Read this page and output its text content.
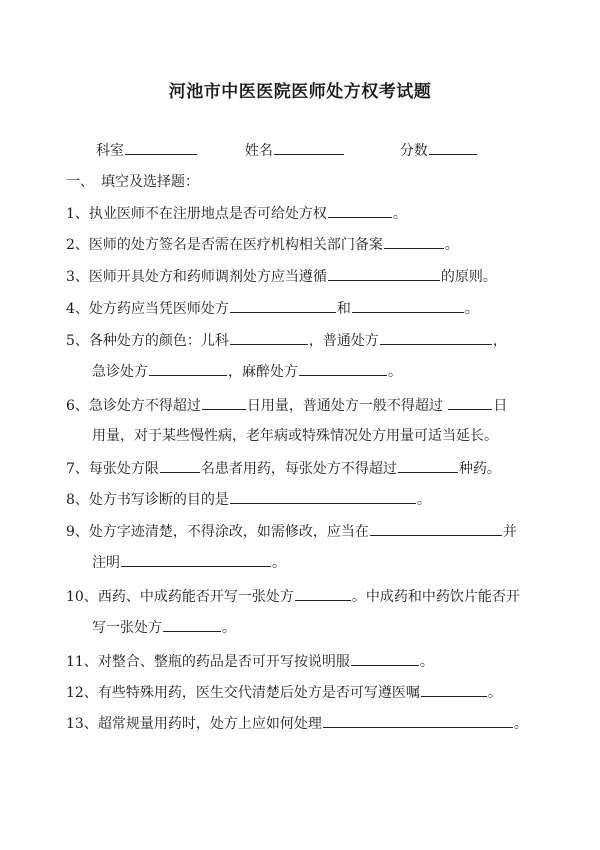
河池市中医医院医师处方权考试题
科室	姓名	分数
一、　填空及选择题：
1、执业医师不在注册地点是否可给处方权	。
2、医师的处方签名是否需在医疗机构相关部门备案	。
3、医师开具处方和药师调剂处方应当遵循	的原则。
4、处方药应当凭医师处方	和	。
5、各种处方的颜色：儿科	，普通处方	，
急诊处方	，麻醉处方	。
6、急诊处方不得超过	日用量，普通处方一般不得超过	日
用量，对于某些慢性病，老年病或特殊情况处方用量可适当延长。
7、每张处方限	名患者用药，每张处方不得超过	种药。
8、处方书写诊断的目的是	。
9、处方字迹清楚，不得涂改，如需修改，应当在	并
注明	。
10、西药、中成药能否开写一张处方	。中成药和中药饮片能否开
写一张处方	。
11、对整合、整瓶的药品是否可开写按说明服	。
12、有些特殊用药，医生交代清楚后处方是否可写遵医嘱	。
13、超常规量用药时，处方上应如何处理	。
